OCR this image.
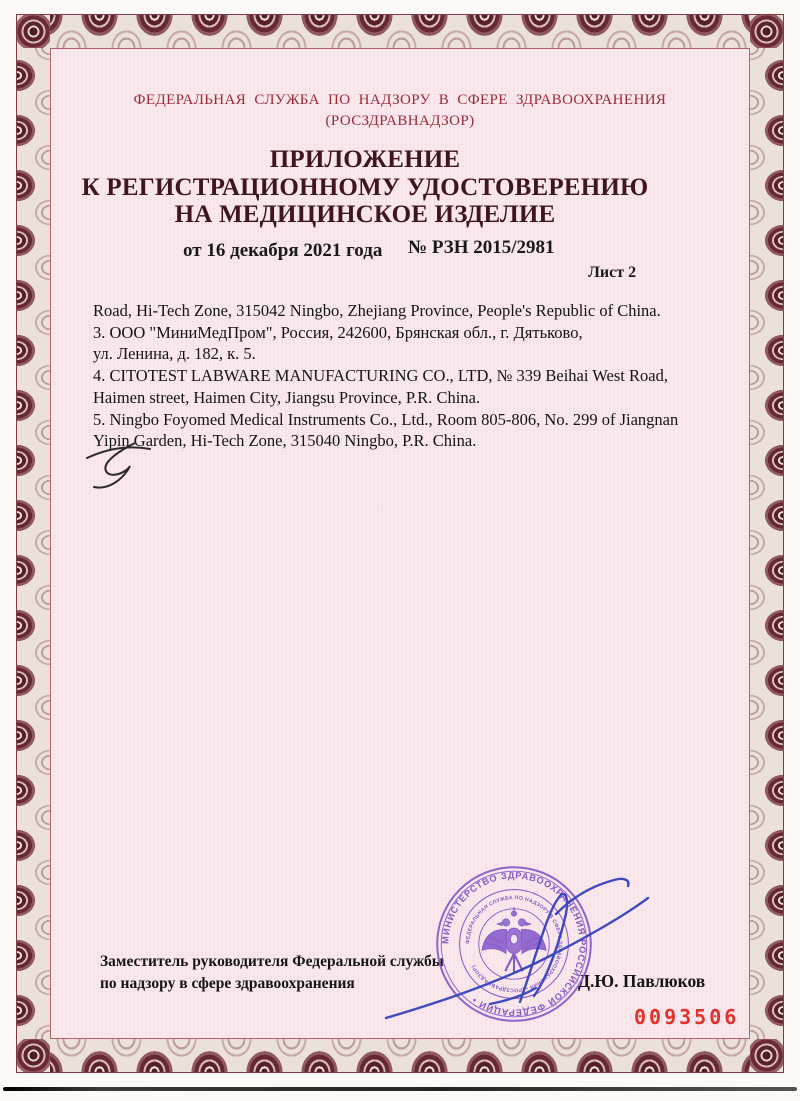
ФЕДЕРАЛЬНАЯ СЛУЖБА ПО НАДЗОРУ В СФЕРЕ ЗДРАВООХРАНЕНИЯ
(РОСЗДРАВНАДЗОР)
ПРИЛОЖЕНИЕ
К РЕГИСТРАЦИОННОМУ УДОСТОВЕРЕНИЮ
НА МЕДИЦИНСКОЕ ИЗДЕЛИЕ
от 16 декабря 2021 года № РЗН 2015/2981
Лист 2
Road, Hi-Tech Zone, 315042 Ningbo, Zhejiang Province, People's Republic of China.
3. ООО "МиниМедПром", Россия, 242600, Брянская обл., г. Дятьково,
ул. Ленина, д. 182, к. 5.
4. CITOTEST LABWARE MANUFACTURING CO., LTD, № 339 Beihai West Road,
Haimen street, Haimen City, Jiangsu Province, P.R. China.
5. Ningbo Foyomed Medical Instruments Co., Ltd., Room 805-806, No. 299 of Jiangnan
Yipin Garden, Hi-Tech Zone, 315040 Ningbo, P.R. China.
Заместитель руководителя Федеральной службы
по надзору в сфере здравоохранения	Д.Ю. Павлюков
МИНИСТЕРСТВО ЗДРАВООХРАНЕНИЯ РОССИЙСКОЙ ФЕДЕРАЦИИ •
ФЕДЕРАЛЬНАЯ СЛУЖБА ПО НАДЗОРУ В СФЕРЕ ЗДРАВООХРАНЕНИЯ • (РОСЗДРАВНАДЗОР)
0093506
